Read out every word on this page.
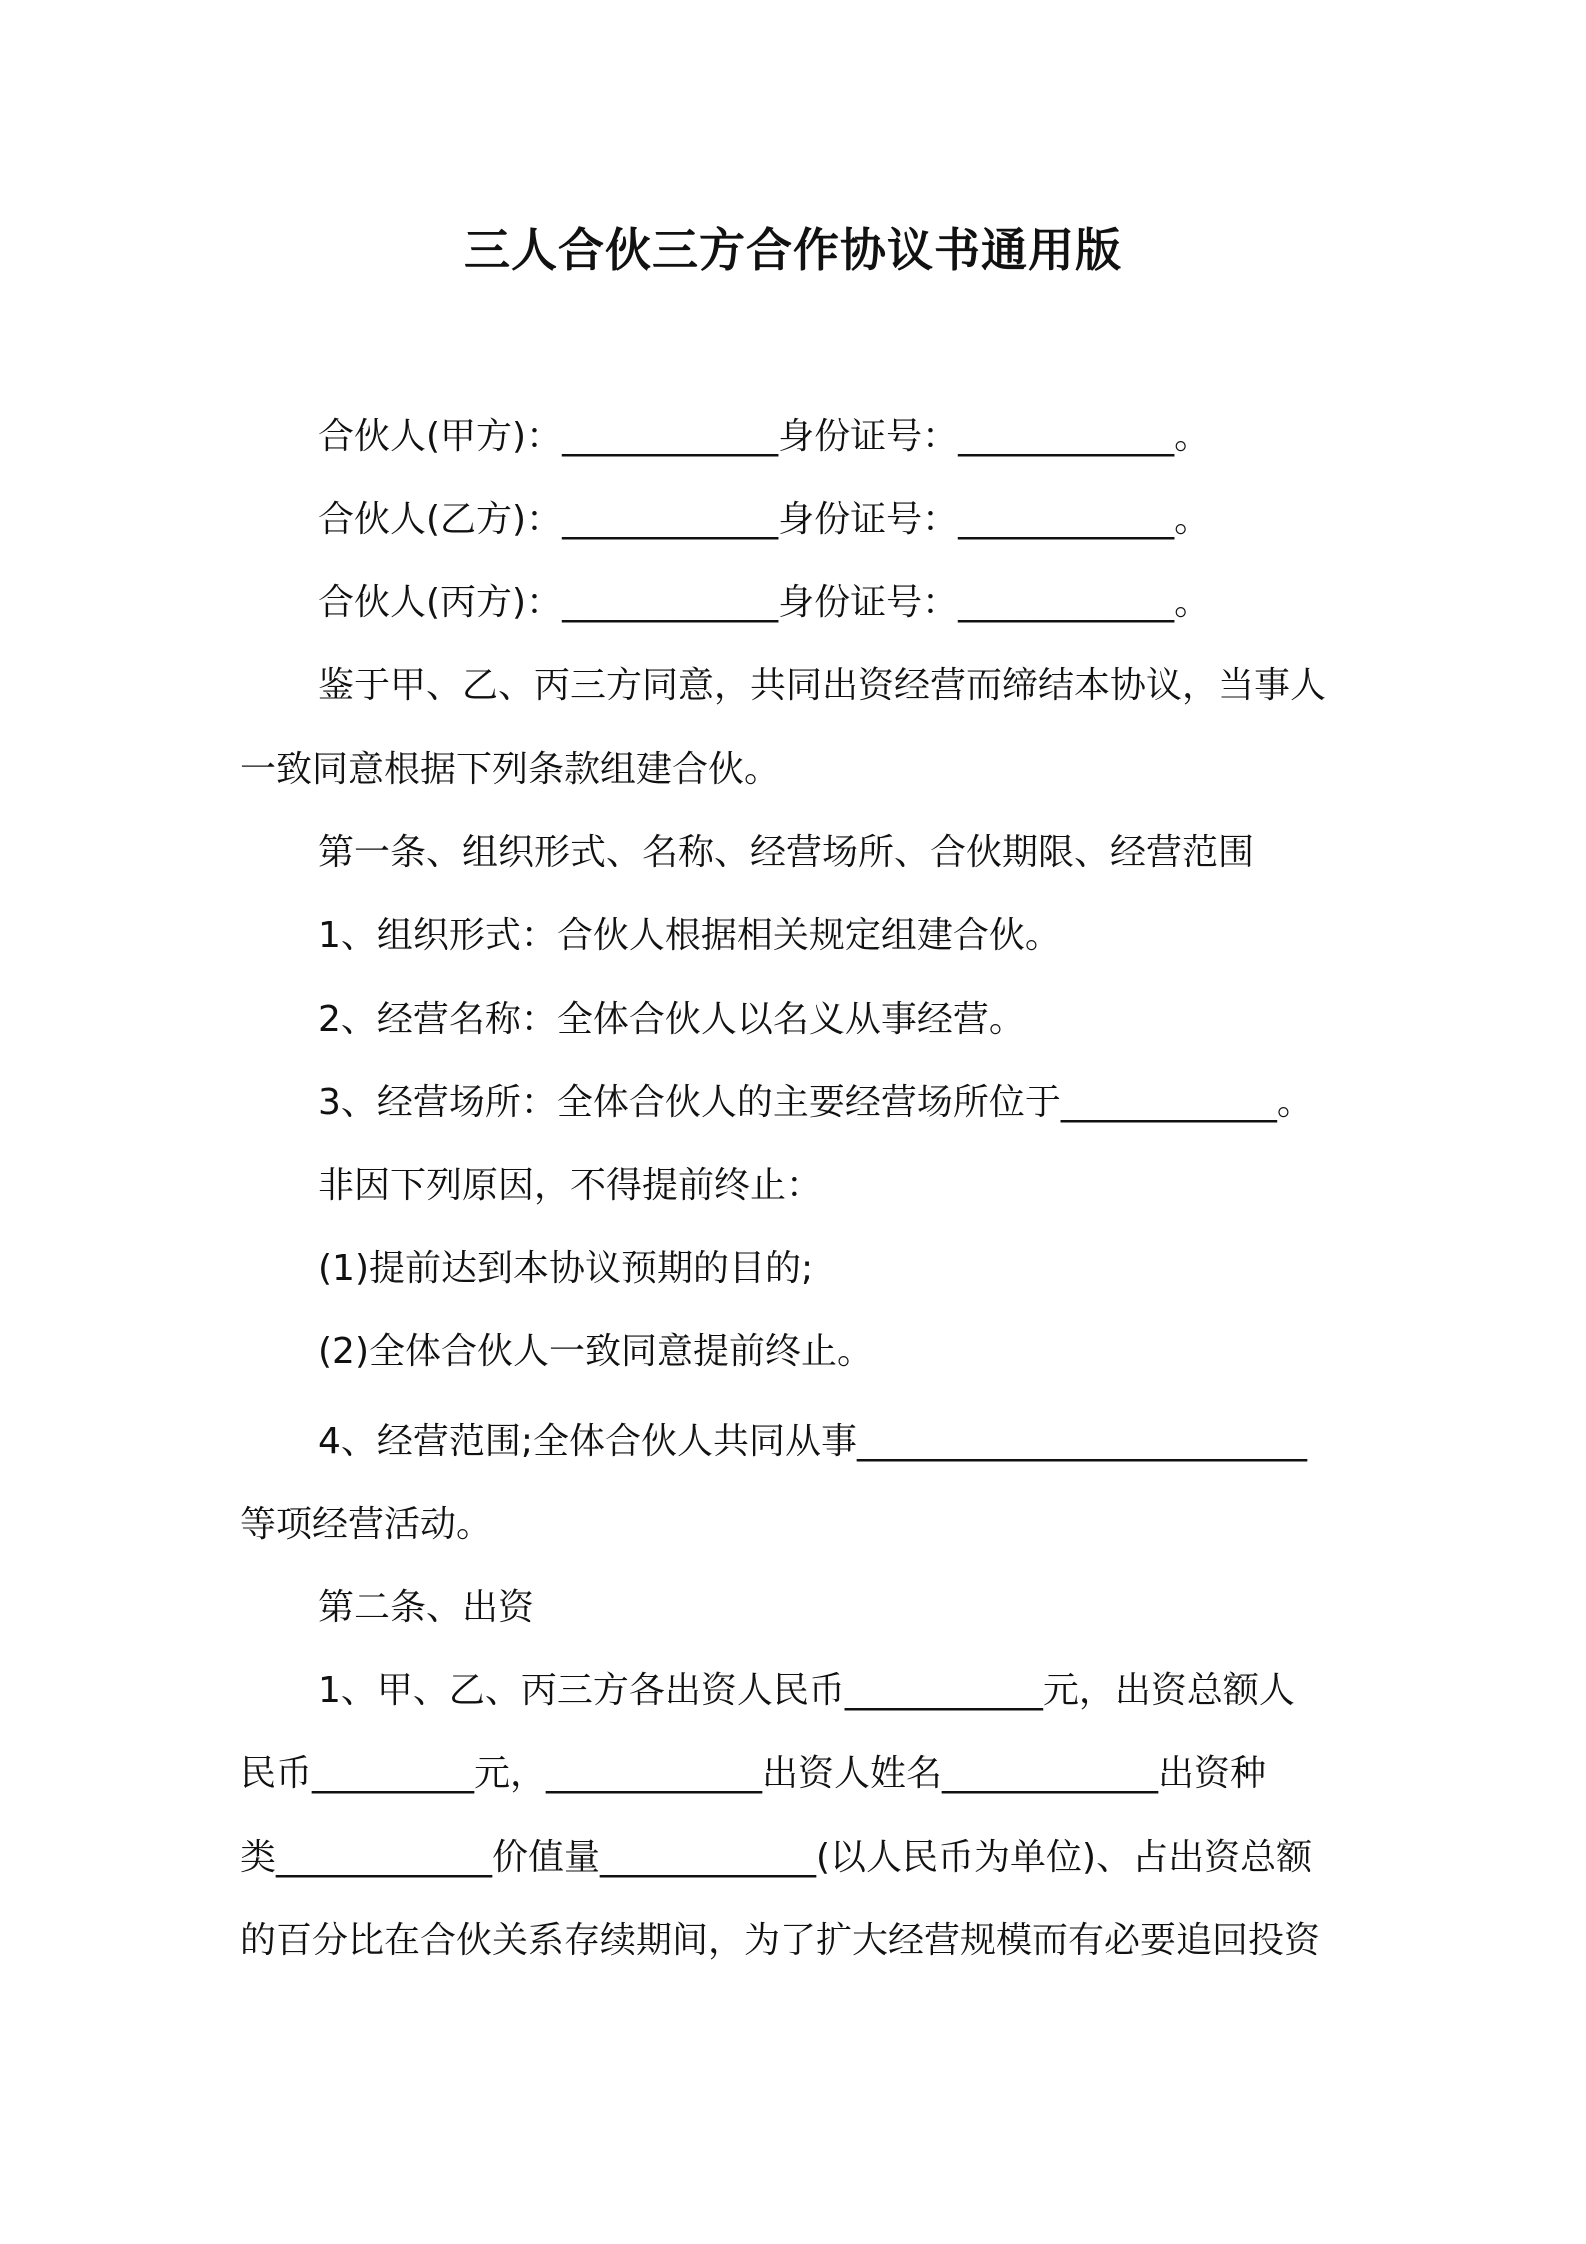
三人合伙三方合作协议书通用版
合伙人(甲方)：____________身份证号：____________。
合伙人(乙方)：____________身份证号：____________。
合伙人(丙方)：____________身份证号：____________。
鉴于甲、乙、丙三方同意，共同出资经营而缔结本协议，当事人
一致同意根据下列条款组建合伙。
第一条、组织形式、名称、经营场所、合伙期限、经营范围
1、组织形式：合伙人根据相关规定组建合伙。
2、经营名称：全体合伙人以名义从事经营。
3、经营场所：全体合伙人的主要经营场所位于____________。
非因下列原因，不得提前终止：
(1)提前达到本协议预期的目的;
(2)全体合伙人一致同意提前终止。
4、经营范围;全体合伙人共同从事_________________________
等项经营活动。
第二条、出资
1、甲、乙、丙三方各出资人民币___________元，出资总额人
民币_________元，____________出资人姓名____________出资种
类____________价值量____________(以人民币为单位)、占出资总额
的百分比在合伙关系存续期间，为了扩大经营规模而有必要追回投资
